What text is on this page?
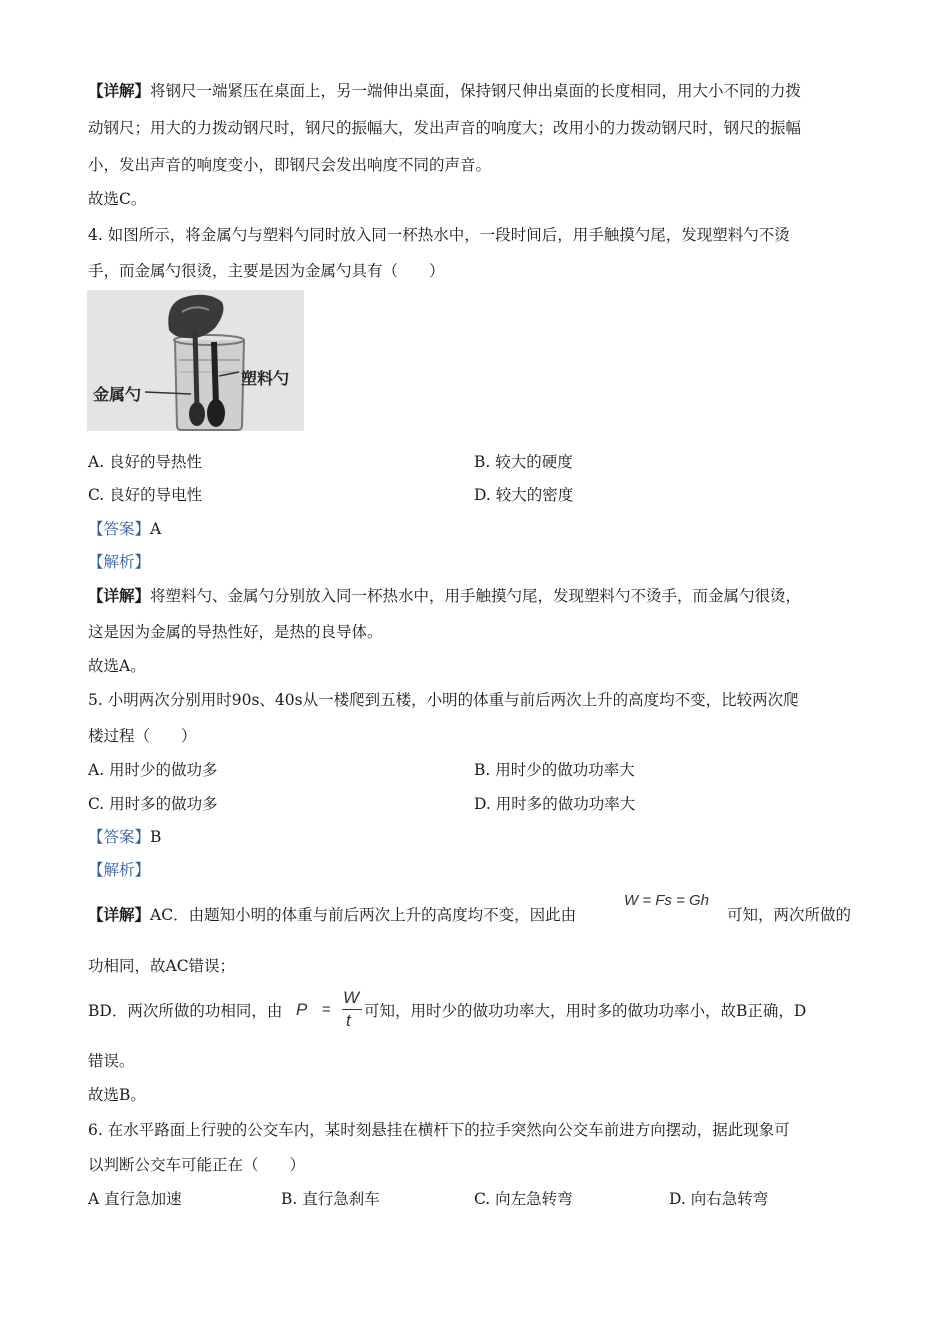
【详解】将钢尺一端紧压在桌面上，另一端伸出桌面，保持钢尺伸出桌面的长度相同，用大小不同的力拨
动钢尺；用大的力拨动钢尺时，钢尺的振幅大，发出声音的响度大；改用小的力拨动钢尺时，钢尺的振幅
小，发出声音的响度变小，即钢尺会发出响度不同的声音。
故选C。
4. 如图所示，将金属勺与塑料勺同时放入同一杯热水中，一段时间后，用手触摸勺尾，发现塑料勺不烫
手，而金属勺很烫，主要是因为金属勺具有（　　）
金属勺
塑料勺
A. 良好的导热性	B. 较大的硬度
C. 良好的导电性	D. 较大的密度
【答案】A
【解析】
【详解】将塑料勺、金属勺分别放入同一杯热水中，用手触摸勺尾，发现塑料勺不烫手，而金属勺很烫，
这是因为金属的导热性好，是热的良导体。
故选A。
5. 小明两次分别用时90s、40s从一楼爬到五楼，小明的体重与前后两次上升的高度均不变，比较两次爬
楼过程（　　）
A. 用时少的做功多	B. 用时少的做功功率大
C. 用时多的做功多	D. 用时多的做功功率大
【答案】B
【解析】
【详解】AC．由题知小明的体重与前后两次上升的高度均不变，因此由
W = Fs = Gh
可知，两次所做的
功相同，故AC错误；
BD．两次所做的功相同，由 P =
W
t 可知，用时少的做功功率大，用时多的做功功率小，故B正确，D
错误。
故选B。
6. 在水平路面上行驶的公交车内，某时刻悬挂在横杆下的拉手突然向公交车前进方向摆动，据此现象可
以判断公交车可能正在（　　）
A 直行急加速	B. 直行急刹车	C. 向左急转弯	D. 向右急转弯
